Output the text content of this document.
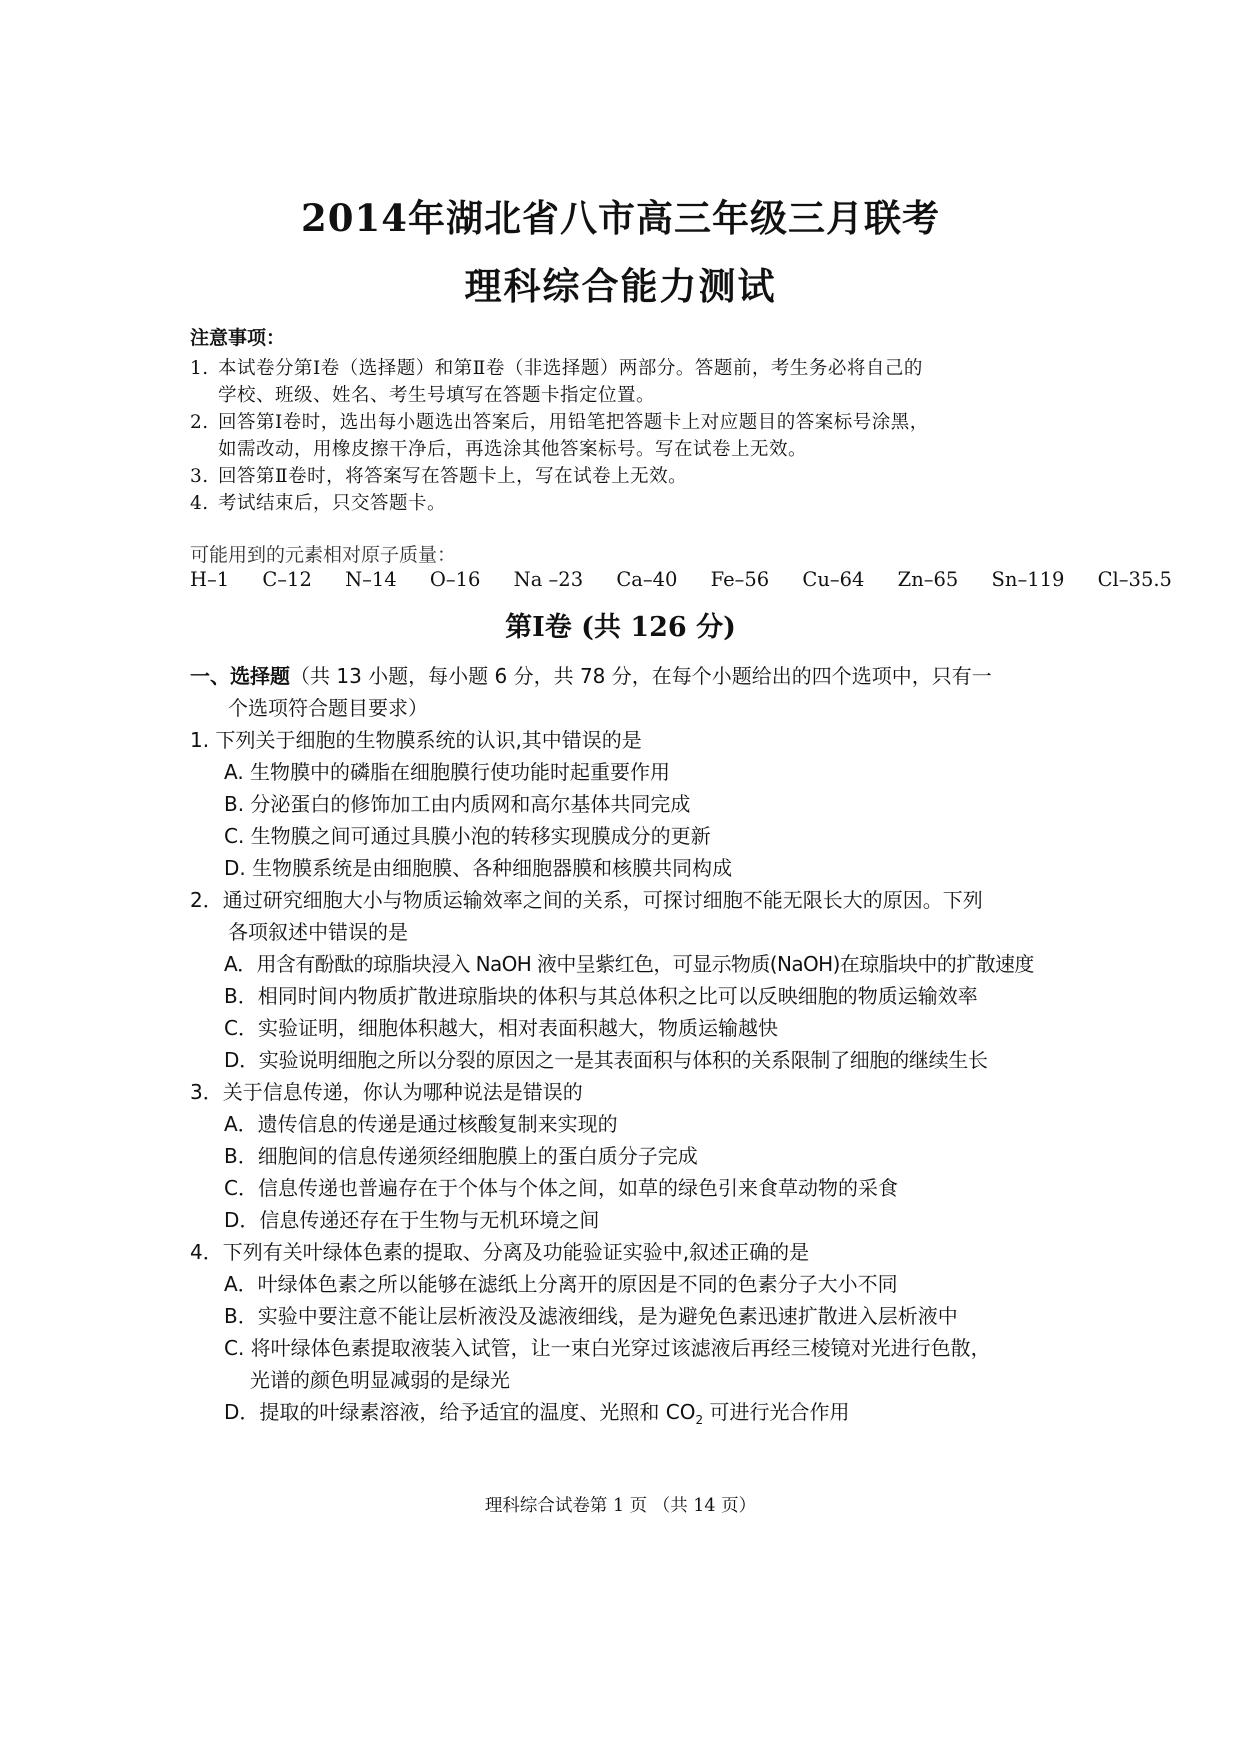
2014年湖北省八市高三年级三月联考
理科综合能力测试
注意事项：
1. 本试卷分第Ⅰ卷（选择题）和第Ⅱ卷（非选择题）两部分。答题前，考生务必将自己的
学校、班级、姓名、考生号填写在答题卡指定位置。
2. 回答第Ⅰ卷时，选出每小题选出答案后，用铅笔把答题卡上对应题目的答案标号涂黑，
如需改动，用橡皮擦干净后，再选涂其他答案标号。写在试卷上无效。
3. 回答第Ⅱ卷时，将答案写在答题卡上，写在试卷上无效。
4. 考试结束后，只交答题卡。
可能用到的元素相对原子质量：
H–1 C–12 N–14 O–16 Na –23 Ca–40 Fe–56 Cu–64 Zn–65 Sn–119 Cl–35.5
第Ⅰ卷 (共 126 分)
一、选择题（共 13 小题，每小题 6 分，共 78 分，在每个小题给出的四个选项中，只有一
个选项符合题目要求）
1. 下列关于细胞的生物膜系统的认识,其中错误的是
A. 生物膜中的磷脂在细胞膜行使功能时起重要作用
B. 分泌蛋白的修饰加工由内质网和高尔基体共同完成
C. 生物膜之间可通过具膜小泡的转移实现膜成分的更新
D. 生物膜系统是由细胞膜、各种细胞器膜和核膜共同构成
2．通过研究细胞大小与物质运输效率之间的关系，可探讨细胞不能无限长大的原因。下列
各项叙述中错误的是
A．用含有酚酞的琼脂块浸入 NaOH 液中呈紫红色，可显示物质(NaOH)在琼脂块中的扩散速度
B．相同时间内物质扩散进琼脂块的体积与其总体积之比可以反映细胞的物质运输效率
C．实验证明，细胞体积越大，相对表面积越大，物质运输越快
D．实验说明细胞之所以分裂的原因之一是其表面积与体积的关系限制了细胞的继续生长
3．关于信息传递，你认为哪种说法是错误的
A．遗传信息的传递是通过核酸复制来实现的
B．细胞间的信息传递须经细胞膜上的蛋白质分子完成
C．信息传递也普遍存在于个体与个体之间，如草的绿色引来食草动物的采食
D．信息传递还存在于生物与无机环境之间
4．下列有关叶绿体色素的提取、分离及功能验证实验中,叙述正确的是
A．叶绿体色素之所以能够在滤纸上分离开的原因是不同的色素分子大小不同
B．实验中要注意不能让层析液没及滤液细线，是为避免色素迅速扩散进入层析液中
C. 将叶绿体色素提取液装入试管，让一束白光穿过该滤液后再经三棱镜对光进行色散，
光谱的颜色明显减弱的是绿光
D．提取的叶绿素溶液，给予适宜的温度、光照和 $CO_2$ 可进行光合作用
理科综合试卷第 1 页 （共 14 页）
